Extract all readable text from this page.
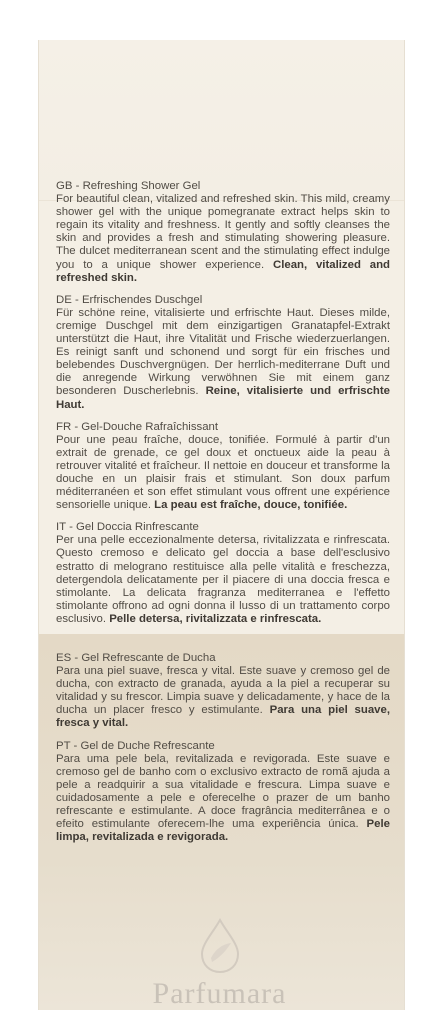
GB - Refreshing Shower Gel
For beautiful clean, vitalized and refreshed skin. This mild, creamy shower gel with the unique pomegranate extract helps skin to regain its vitality and freshness. It gently and softly cleanses the skin and provides a fresh and stimulating showering pleasure. The dulcet mediterranean scent and the stimulating effect indulge you to a unique shower experience. Clean, vitalized and refreshed skin.
DE - Erfrischendes Duschgel
Für schöne reine, vitalisierte und erfrischte Haut. Dieses milde, cremige Duschgel mit dem einzigartigen Granatapfel-Extrakt unterstützt die Haut, ihre Vitalität und Frische wiederzuerlangen. Es reinigt sanft und schonend und sorgt für ein frisches und belebendes Duschvergnügen. Der herrlich-mediterrane Duft und die anregende Wirkung verwöhnen Sie mit einem ganz besonderen Duscherlebnis. Reine, vitalisierte und erfrischte Haut.
FR - Gel-Douche Rafraîchissant
Pour une peau fraîche, douce, tonifiée. Formulé à partir d'un extrait de grenade, ce gel doux et onctueux aide la peau à retrouver vitalité et fraîcheur. Il nettoie en douceur et transforme la douche en un plaisir frais et stimulant. Son doux parfum méditerranéen et son effet stimulant vous offrent une expérience sensorielle unique. La peau est fraîche, douce, tonifiée.
IT - Gel Doccia Rinfrescante
Per una pelle eccezionalmente detersa, rivitalizzata e rinfrescata. Questo cremoso e delicato gel doccia a base dell'esclusivo estratto di melograno restituisce alla pelle vitalità e freschezza, detergendola delicatamente per il piacere di una doccia fresca e stimolante. La delicata fragranza mediterranea e l'effetto stimolante offrono ad ogni donna il lusso di un trattamento corpo esclusivo. Pelle detersa, rivitalizzata e rinfrescata.
ES - Gel Refrescante de Ducha
Para una piel suave, fresca y vital. Este suave y cremoso gel de ducha, con extracto de granada, ayuda a la piel a recuperar su vitalidad y su frescor. Limpia suave y delicadamente, y hace de la ducha un placer fresco y estimulante. Para una piel suave, fresca y vital.
PT - Gel de Duche Refrescante
Para uma pele bela, revitalizada e revigorada. Este suave e cremoso gel de banho com o exclusivo extracto de romã ajuda a pele a readquirir a sua vitalidade e frescura. Limpa suave e cuidadosamente a pele e oferecelhe o prazer de um banho refrescante e estimulante. A doce fragrância mediterrânea e o efeito estimulante oferecem-lhe uma experiência única. Pele limpa, revitalizada e revigorada.
Parfumara
